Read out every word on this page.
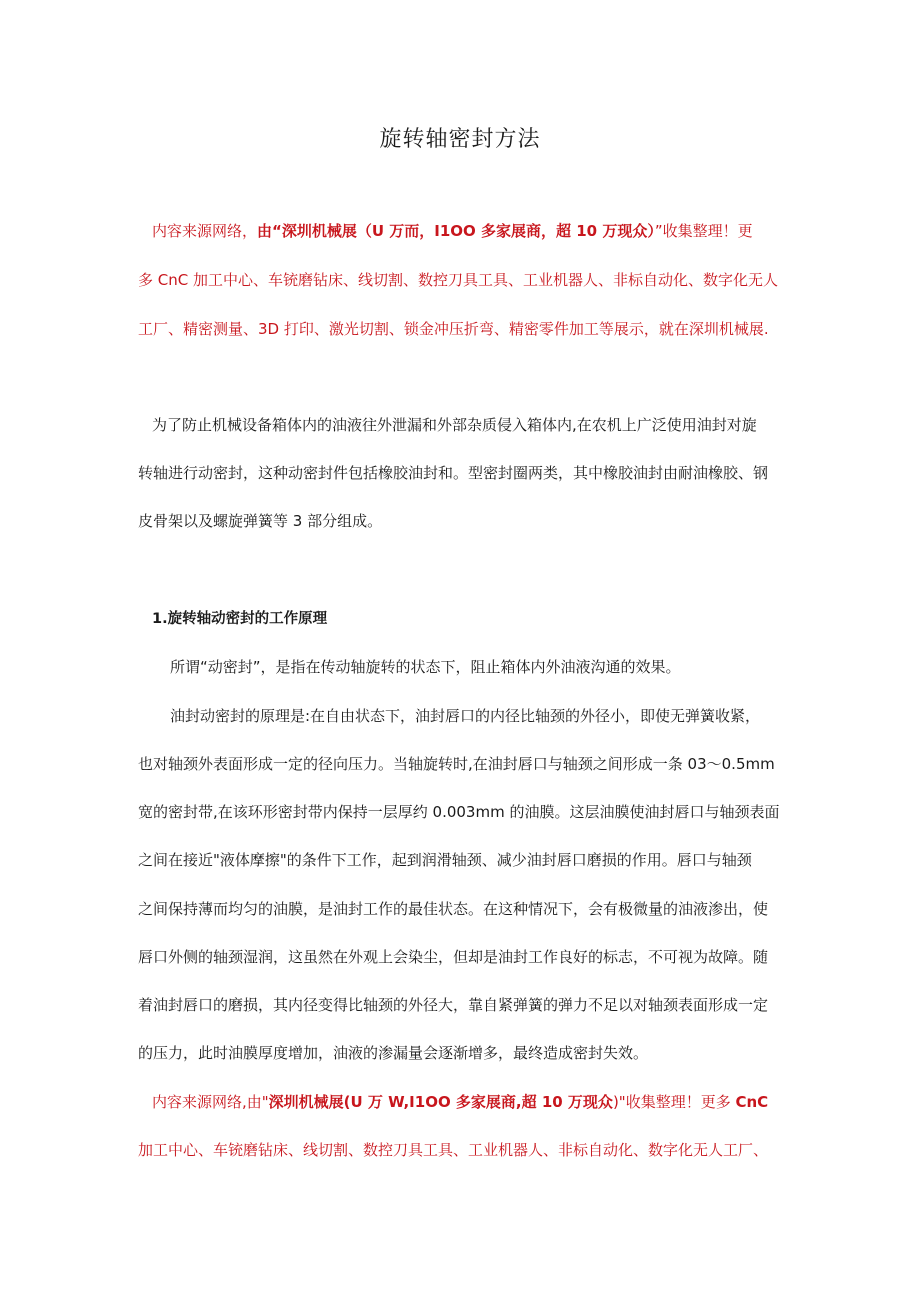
旋转轴密封方法
内容来源网络，由“深圳机械展（U 万而，I1OO 多家展商，超 10 万现众）”收集整理！更
多 CnC 加工中心、车铳磨钻床、线切割、数控刀具工具、工业机器人、非标自动化、数字化无人
工厂、精密测量、3D 打印、激光切割、锁金冲压折弯、精密零件加工等展示，就在深圳机械展.
为了防止机械设备箱体内的油液往外泄漏和外部杂质侵入箱体内,在农机上广泛使用油封对旋
转轴进行动密封，这种动密封件包括橡胶油封和。型密封圈两类，其中橡胶油封由耐油橡胶、钢
皮骨架以及螺旋弹簧等 3 部分组成。
1.旋转轴动密封的工作原理
所谓“动密封”，是指在传动轴旋转的状态下，阻止箱体内外油液沟通的效果。
油封动密封的原理是:在自由状态下，油封唇口的内径比轴颈的外径小，即使无弹簧收紧，
也对轴颈外表面形成一定的径向压力。当轴旋转时,在油封唇口与轴颈之间形成一条 03～0.5mm
宽的密封带,在该环形密封带内保持一层厚约 0.003mm 的油膜。这层油膜使油封唇口与轴颈表面
之间在接近"液体摩擦"的条件下工作，起到润滑轴颈、减少油封唇口磨损的作用。唇口与轴颈
之间保持薄而均匀的油膜，是油封工作的最佳状态。在这种情况下，会有极微量的油液渗出，使
唇口外侧的轴颈湿润，这虽然在外观上会染尘，但却是油封工作良好的标志，不可视为故障。随
着油封唇口的磨损，其内径变得比轴颈的外径大，靠自紧弹簧的弹力不足以对轴颈表面形成一定
的压力，此时油膜厚度增加，油液的渗漏量会逐渐增多，最终造成密封失效。
内容来源网络,由"深圳机械展(U 万 W,I1OO 多家展商,超 10 万现众)"收集整理！更多 CnC
加工中心、车铳磨钻床、线切割、数控刀具工具、工业机器人、非标自动化、数字化无人工厂、
